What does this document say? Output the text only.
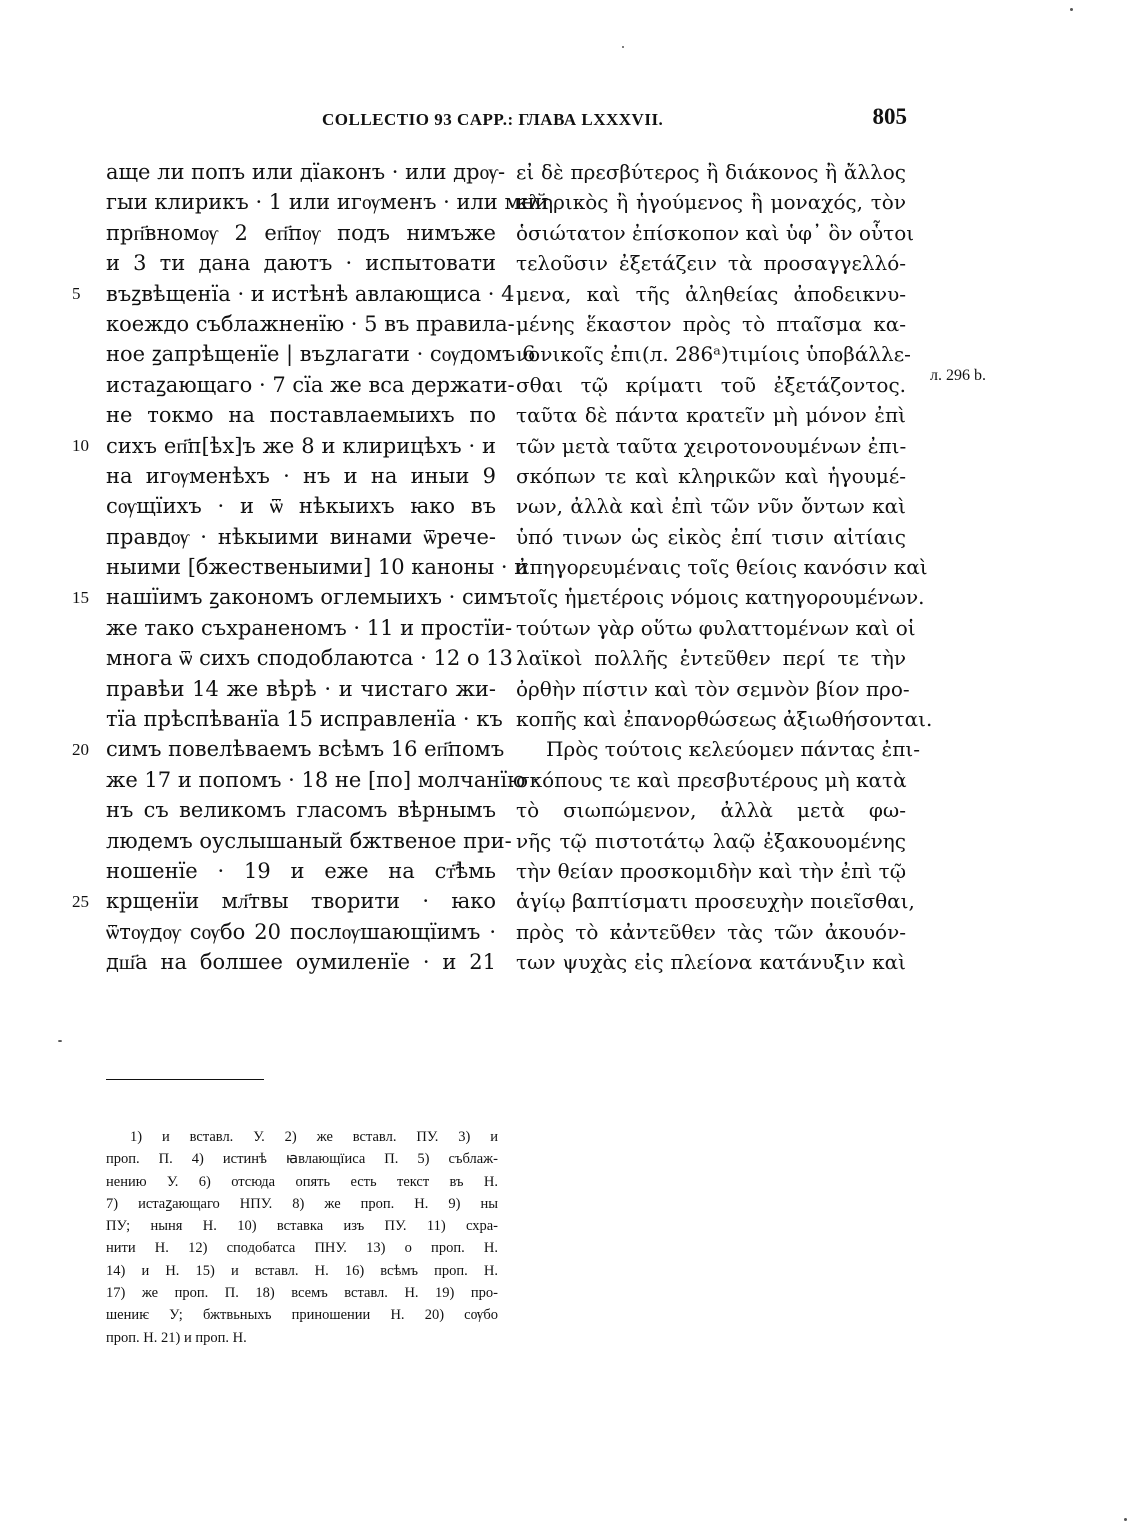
COLLECTIO 93 CAPP.: ГЛАВА LXXXVII.	805
5
10
15
20
25
аще ли попъ или дїаконъ · или дрѹ-
гыи клирикъ · 1 или игѹменъ · или мнй
прп҃вномѹ 2 еп҃пѹ подъ нимъже
и 3 ти дана даютъ · испытовати
въꙁвѣщенїа · и истѣнѣ авлающиса · 4
коеждо съблажненїю · 5 въ правила-
ное ꙁапрѣщенїе | въꙁлагати · сѹдомъ 6
истаꙁающаго · 7 сїа же вса держати-
не токмо на поставлаемыихъ по
сихъ еп҃п[ѣх]ъ же 8 и клирицѣхъ · и
на игѹменѣхъ · нъ и на иныи 9
сѹщїихъ · и ѿ нѣкыихъ ꙗко въ
правдѹ · нѣкыими винами ѿрече-
ныими [бжественыими] 10 каноны · и
нашїимъ ꙁакономъ оглемыихъ · симъ
же тако съхраненомъ · 11 и простїи-
многа ѿ сихъ сподоблаютса · 12 о 13
правѣи 14 же вѣрѣ · и чистаго жи-
тїа прѣспѣванїа 15 исправленїа · къ
симъ повелѣваемъ всѣмъ 16 еп҃помъ
же 17 и попомъ · 18 не [по] молчанїю ·
нъ съ великомъ гласомъ вѣрнымъ
людемъ оуслышаный бжтвеное при-
ношенїе · 19 и еже на ст҃ѣмь
крщенїи мл҃твы творити · ꙗко
ѿтѹдѹ сѹбо 20 послѹшающїимъ ·
дш҃а на болшее оумиленїе · и 21
εἰ δὲ πρεσβύτερος ἢ διάκονος ἢ ἄλλος
κληρικὸς ἢ ἡγούμενος ἢ μοναχός, τὸν
ὁσιώτατον ἐπίσκοπον καὶ ὑφ᾽ ὃν οὗτοι
τελοῦσιν ἐξετάζειν τὰ προσαγγελλό-
μενα, καὶ τῆς ἀληθείας ἀποδεικνυ-
μένης ἕκαστον πρὸς τὸ πταῖσμα κα-
νονικοῖς ἐπι(л. 286ᵃ)τιμίοις ὑποβάλλε-
σθαι τῷ κρίματι τοῦ ἐξετάζοντος.
ταῦτα δὲ πάντα κρατεῖν μὴ μόνον ἐπὶ
τῶν μετὰ ταῦτα χειροτονουμένων ἐπι-
σκόπων τε καὶ κληρικῶν καὶ ἡγουμέ-
νων, ἀλλὰ καὶ ἐπὶ τῶν νῦν ὄντων καὶ
ὑπό τινων ὡς εἰκὸς ἐπί τισιν αἰτίαις
ἀπηγορευμέναις τοῖς θείοις κανόσιν καὶ
τοῖς ἡμετέροις νόμοις κατηγορουμένων.
τούτων γὰρ οὕτω φυλαττομένων καὶ οἱ
λαϊκοὶ πολλῆς ἐντεῦθεν περί τε τὴν
ὀρθὴν πίστιν καὶ τὸν σεμνὸν βίον προ-
κοπῆς καὶ ἐπανορθώσεως ἀξιωθήσονται.
Πρὸς τούτοις κελεύομεν πάντας ἐπι-
σκόπους τε καὶ πρεσβυτέρους μὴ κατὰ
τὸ σιωπώμενον, ἀλλὰ μετὰ φω-
νῆς τῷ πιστοτάτῳ λαῷ ἐξακουομένης
τὴν θείαν προσκομιδὴν καὶ τὴν ἐπὶ τῷ
ἁγίῳ βαπτίσματι προσευχὴν ποιεῖσθαι,
πρὸς τὸ κἀντεῦθεν τὰς τῶν ἀκουόν-
των ψυχὰς εἰς πλείονα κατάνυξιν καὶ
л. 296 b.
1) и вставл. У. 2) же вставл. ПУ. 3) и
проп. П. 4) истинѣ ꙗвлающїиса П. 5) съблаж-
нению У. 6) отсюда опять есть текст въ Н.
7) истаꙁающаго НПУ. 8) же проп. Н. 9) ны
ПУ; ныня Н. 10) вставка изъ ПУ. 11) схра-
нити Н. 12) сподобатса ПНУ. 13) о проп. Н.
14) и Н. 15) и вставл. Н. 16) всѣмъ проп. Н.
17) же проп. П. 18) всемъ вставл. Н. 19) про-
шениѥ У; бжтвьныхъ приношении Н. 20) сѹбо
проп. Н. 21) и проп. Н.
